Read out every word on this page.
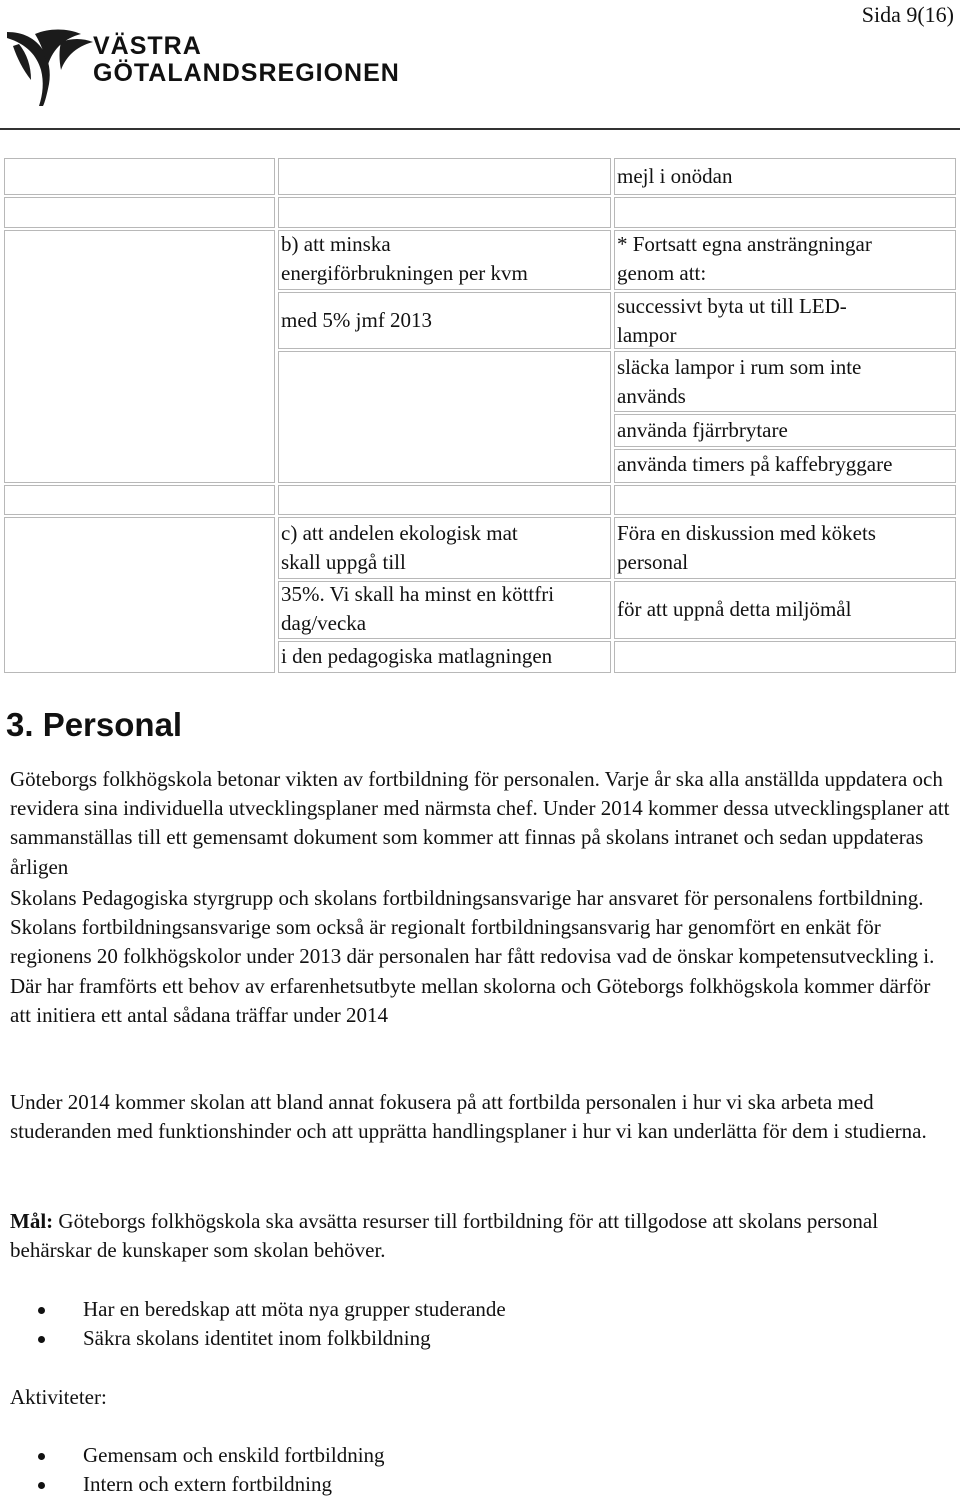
Sida 9(16)
VÄSTRA
GÖTALANDSREGIONEN
mejl i onödan
b) att minska
energiförbrukningen per kvm
med 5% jmf 2013
* Fortsatt egna ansträngningar
genom att:
successivt byta ut till LED-
lampor
släcka lampor i rum som inte
används
använda fjärrbrytare
använda timers på kaffebryggare
c) att andelen ekologisk mat
skall uppgå till
35%. Vi skall ha minst en köttfri
dag/vecka
i den pedagogiska matlagningen
Föra en diskussion med kökets
personal
för att uppnå detta miljömål
3. Personal
Göteborgs folkhögskola betonar vikten av fortbildning för personalen. Varje år ska alla anställda uppdatera och revidera sina individuella utvecklingsplaner med närmsta chef. Under 2014 kommer dessa utvecklingsplaner att sammanställas till ett gemensamt dokument som kommer att finnas på skolans intranet och sedan uppdateras årligen
Skolans Pedagogiska styrgrupp och skolans fortbildningsansvarige har ansvaret för personalens fortbildning. Skolans fortbildningsansvarige som också är regionalt fortbildningsansvarig har genomfört en enkät för regionens 20 folkhögskolor under 2013 där personalen har fått redovisa vad de önskar kompetensutveckling i. Där har framförts ett behov av erfarenhetsutbyte mellan skolorna och Göteborgs folkhögskola kommer därför att initiera ett antal sådana träffar under 2014
Under 2014 kommer skolan att bland annat fokusera på att fortbilda personalen i hur vi ska arbeta med studeranden med funktionshinder och att upprätta handlingsplaner i hur vi kan underlätta för dem i studierna.
Mål: Göteborgs folkhögskola ska avsätta resurser till fortbildning för att tillgodose att skolans personal behärskar de kunskaper som skolan behöver.
Har en beredskap att möta nya grupper studerande
Säkra skolans identitet inom folkbildning
Aktiviteter:
Gemensam och enskild fortbildning
Intern och extern fortbildning
